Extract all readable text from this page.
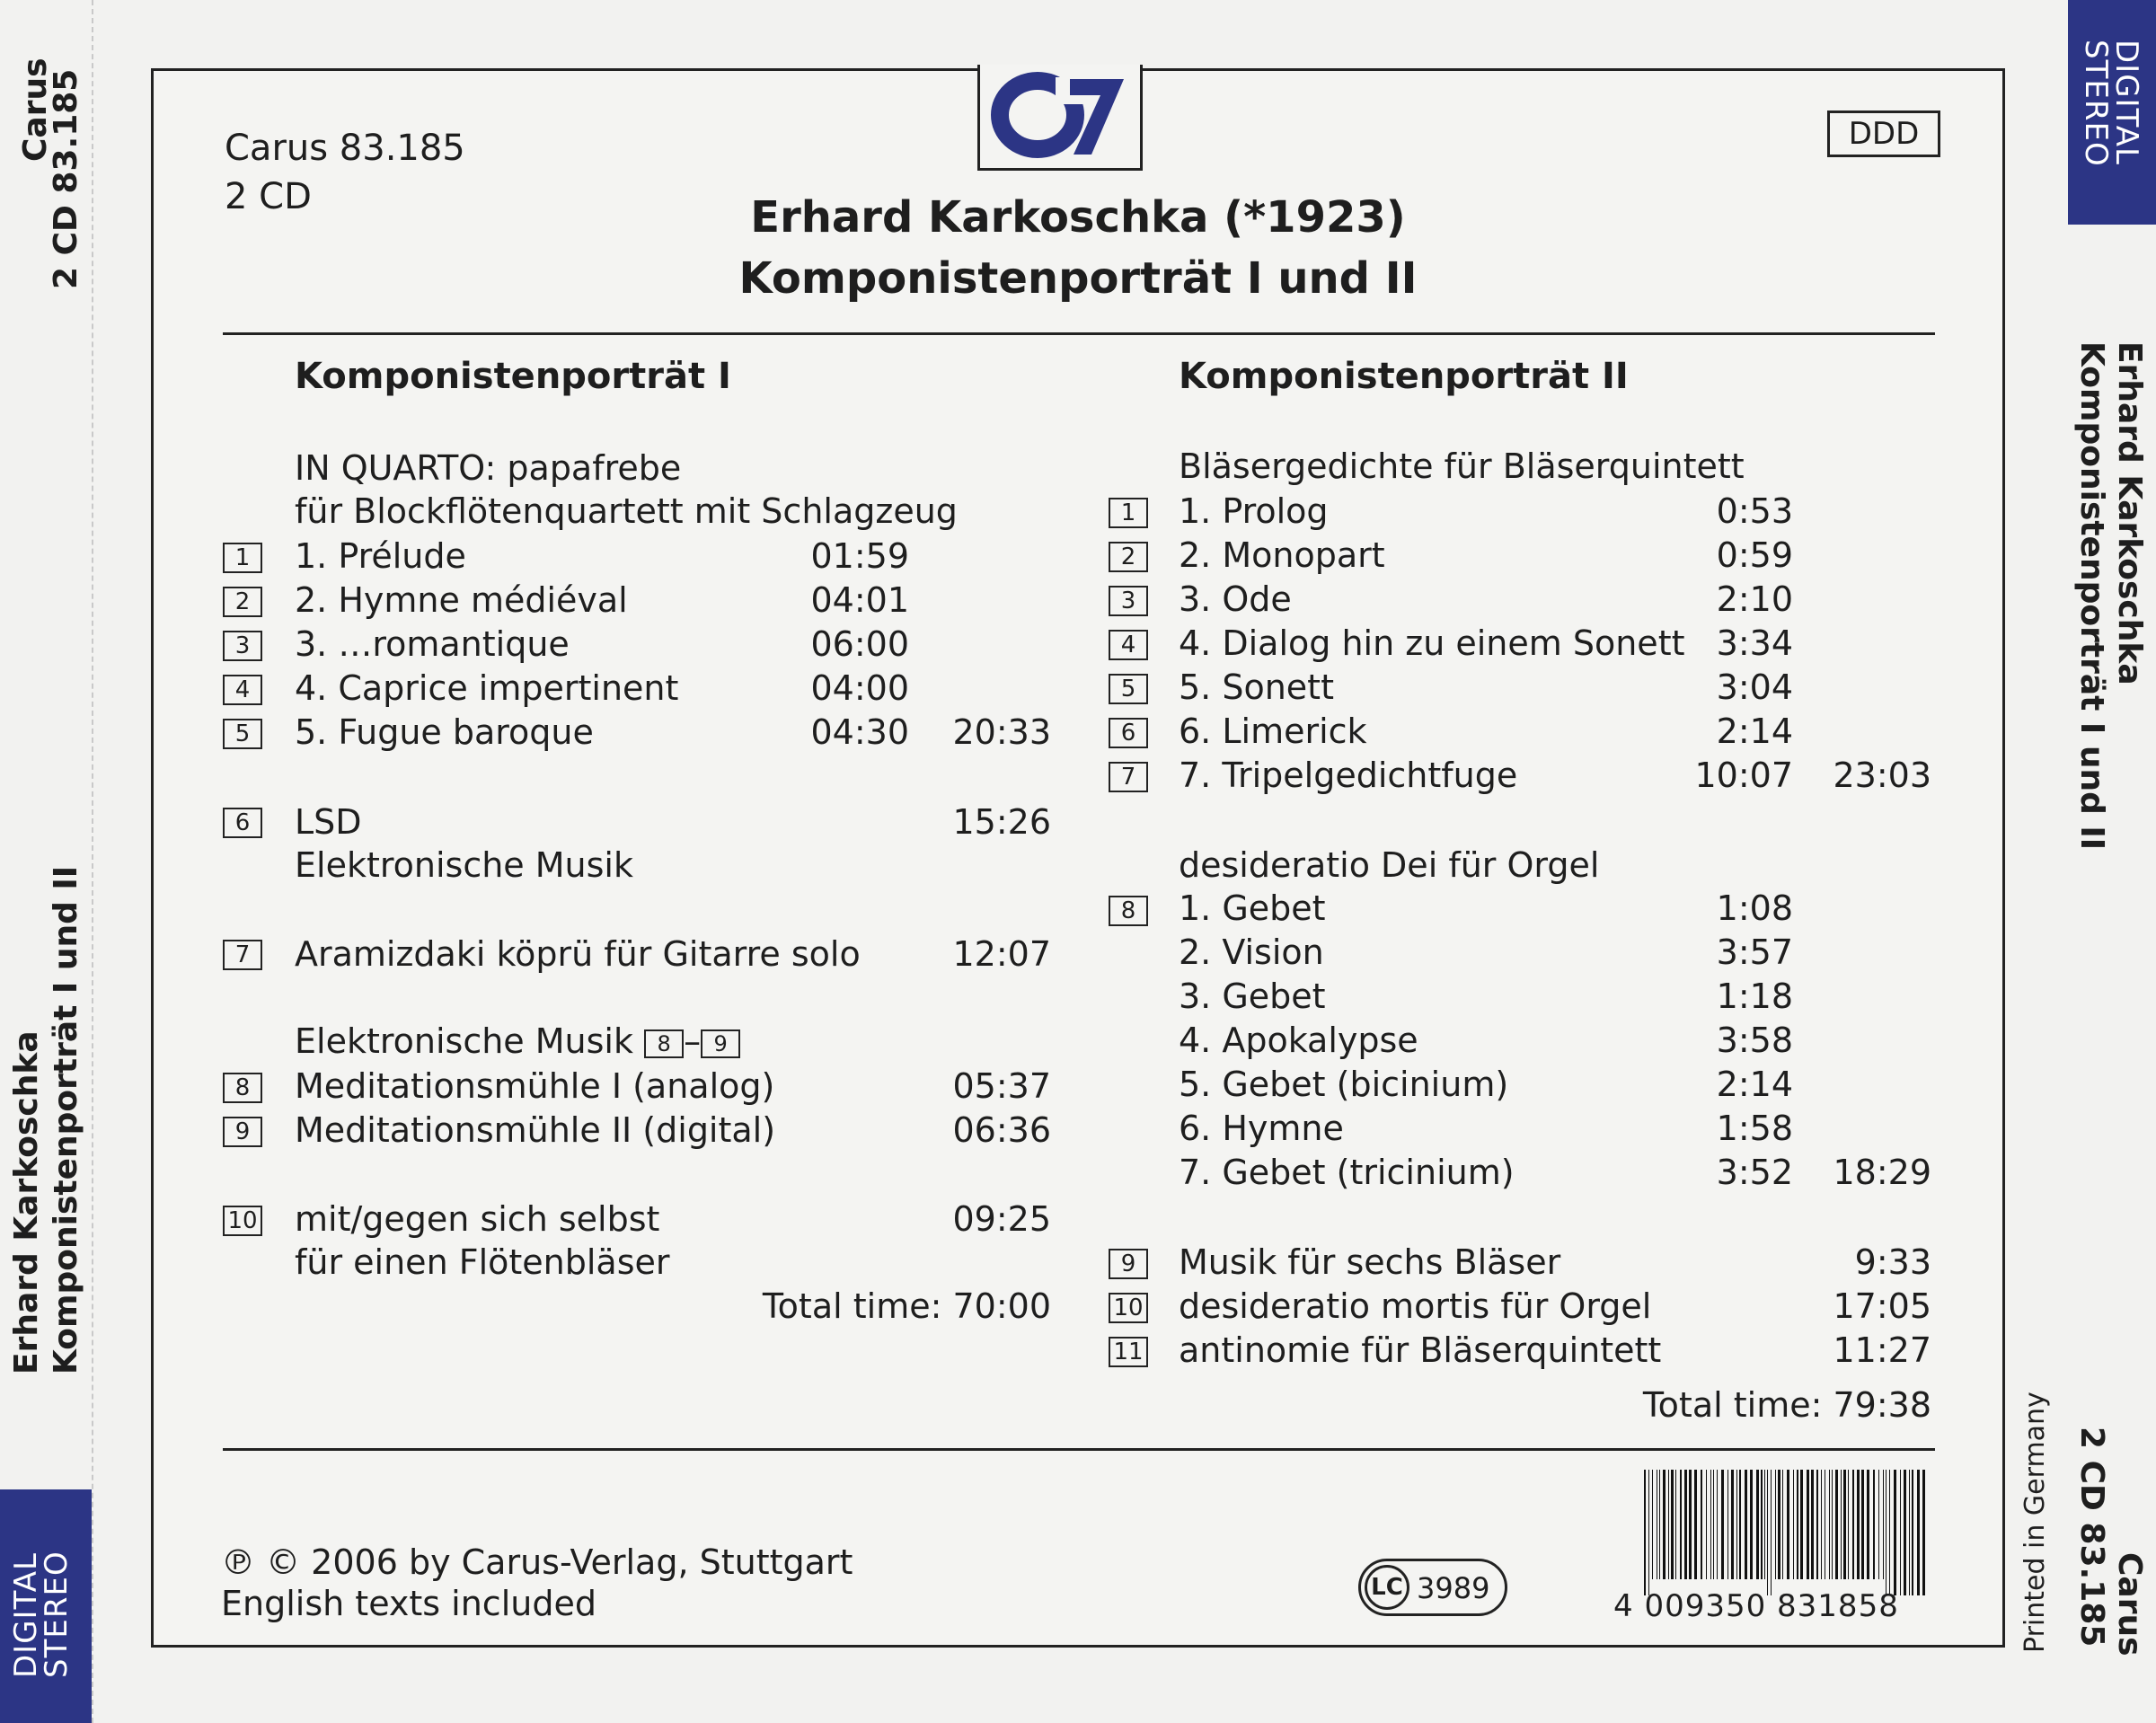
Carus
2 CD 83.185
Erhard Karkoschka Komponistenporträt I und II
DIGITAL
STEREO
DIGITAL
STEREO
Erhard Karkoschka
Komponistenporträt I und II
Carus
2 CD 83.185
Printed in Germany
DDD
Carus 83.185
2 CD	Erhard Karkoschka (*1923)
Komponistenporträt I und II
Komponistenporträt I
IN QUARTO: papafrebe
für Blockflötenquartett mit Schlagzeug
1	1. Prélude	01:59
2	2. Hymne médiéval	04:01
3	3. …romantique	06:00
4	4. Caprice impertinent	04:00
5	5. Fugue baroque	04:30	20:33
6	LSD	15:26
Elektronische Musik
7	Aramizdaki köprü für Gitarre solo	12:07
Elektronische Musik 8 – 9
8	Meditationsmühle I (analog)	05:37
9	Meditationsmühle II (digital)	06:36
10 mit/gegen sich selbst	09:25
für einen Flötenbläser
Total time: 70:00
Komponistenporträt II
Bläsergedichte für Bläserquintett
1	1. Prolog	0:53
2	2. Monopart	0:59
3	3. Ode	2:10
4	4. Dialog hin zu einem Sonett 3:34
5	5. Sonett	3:04
6	6. Limerick	2:14
7	7. Tripelgedichtfuge	10:07	23:03
desideratio Dei für Orgel
8	1. Gebet	1:08
2. Vision	3:57
3. Gebet	1:18
4. Apokalypse	3:58
5. Gebet (bicinium)	2:14
6. Hymne	1:58
7. Gebet (tricinium)	3:52	18:29
9	Musik für sechs Bläser	9:33
10 desideratio mortis für Orgel	17:05
11 antinomie für Bläserquintett	11:27
Total time: 79:38
℗ © 2006 by Carus-Verlag, Stuttgart
English texts included	LC 3989	4 009350 831858
